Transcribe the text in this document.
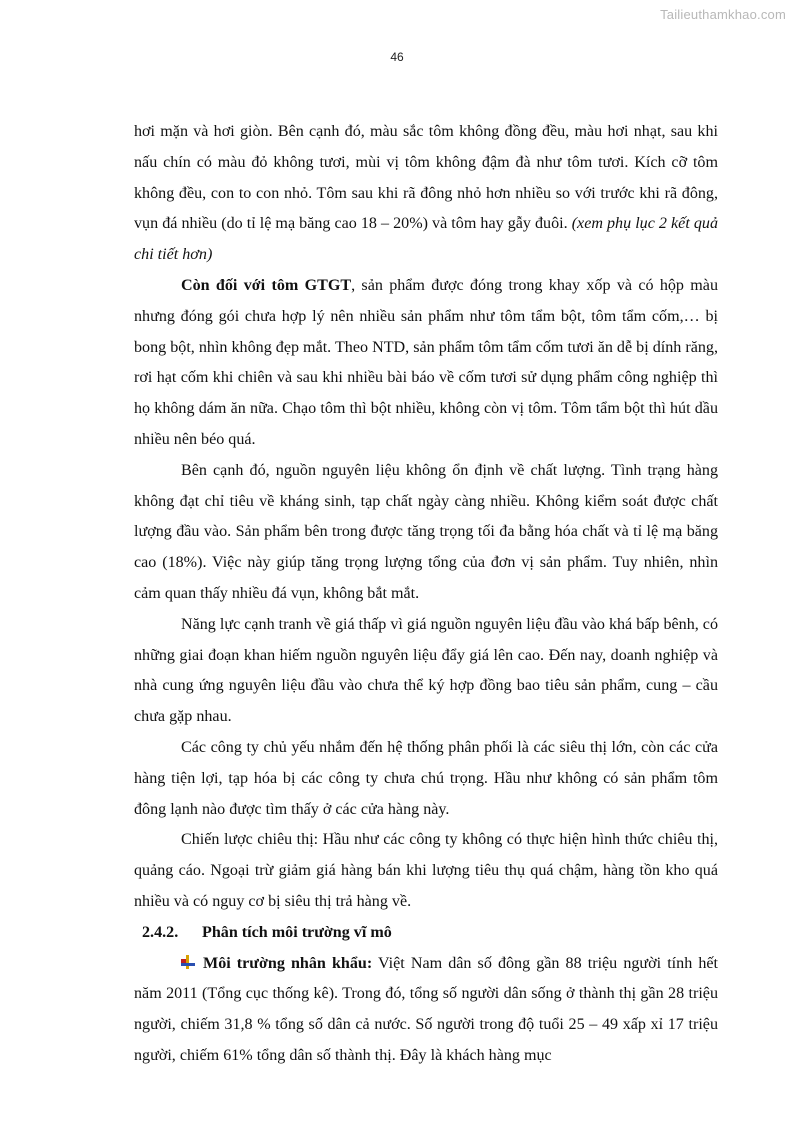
Tailieuthamkhao.com
46

hơi mặn và hơi giòn. Bên cạnh đó, màu sắc tôm không đồng đều, màu hơi nhạt, sau khi nấu chín có màu đỏ không tươi, mùi vị tôm không đậm đà như tôm tươi. Kích cỡ tôm không đều, con to con nhỏ. Tôm sau khi rã đông nhỏ hơn nhiều so với trước khi rã đông, vụn đá nhiều (do tỉ lệ mạ băng cao 18 – 20%) và tôm hay gẫy đuôi. (xem phụ lục 2 kết quả chi tiết hơn)

Còn đối với tôm GTGT, sản phẩm được đóng trong khay xốp và có hộp màu nhưng đóng gói chưa hợp lý nên nhiều sản phẩm như tôm tẩm bột, tôm tẩm cốm,… bị bong bột, nhìn không đẹp mắt. Theo NTD, sản phẩm tôm tẩm cốm tươi ăn dễ bị dính răng, rơi hạt cốm khi chiên và sau khi nhiều bài báo về cốm tươi sử dụng phẩm công nghiệp thì họ không dám ăn nữa. Chạo tôm thì bột nhiều, không còn vị tôm. Tôm tẩm bột thì hút dầu nhiều nên béo quá.

Bên cạnh đó, nguồn nguyên liệu không ổn định về chất lượng. Tình trạng hàng không đạt chỉ tiêu về kháng sinh, tạp chất ngày càng nhiều. Không kiểm soát được chất lượng đầu vào. Sản phẩm bên trong được tăng trọng tối đa bằng hóa chất và tỉ lệ mạ băng cao (18%). Việc này giúp tăng trọng lượng tổng của đơn vị sản phẩm. Tuy nhiên, nhìn cảm quan thấy nhiều đá vụn, không bắt mắt.

Năng lực cạnh tranh về giá thấp vì giá nguồn nguyên liệu đầu vào khá bấp bênh, có những giai đoạn khan hiếm nguồn nguyên liệu đẩy giá lên cao. Đến nay, doanh nghiệp và nhà cung ứng nguyên liệu đầu vào chưa thể ký hợp đồng bao tiêu sản phẩm, cung – cầu chưa gặp nhau.

Các công ty chủ yếu nhắm đến hệ thống phân phối là các siêu thị lớn, còn các cửa hàng tiện lợi, tạp hóa bị các công ty chưa chú trọng. Hầu như không có sản phẩm tôm đông lạnh nào được tìm thấy ở các cửa hàng này.

Chiến lược chiêu thị: Hầu như các công ty không có thực hiện hình thức chiêu thị, quảng cáo. Ngoại trừ giảm giá hàng bán khi lượng tiêu thụ quá chậm, hàng tồn kho quá nhiều và có nguy cơ bị siêu thị trả hàng về.

2.4.2. Phân tích môi trường vĩ mô

Môi trường nhân khẩu: Việt Nam dân số đông gần 88 triệu người tính hết năm 2011 (Tổng cục thống kê). Trong đó, tổng số người dân sống ở thành thị gần 28 triệu người, chiếm 31,8 % tổng số dân cả nước. Số người trong độ tuổi 25 – 49 xấp xỉ 17 triệu người, chiếm 61% tổng dân số thành thị. Đây là khách hàng mục
